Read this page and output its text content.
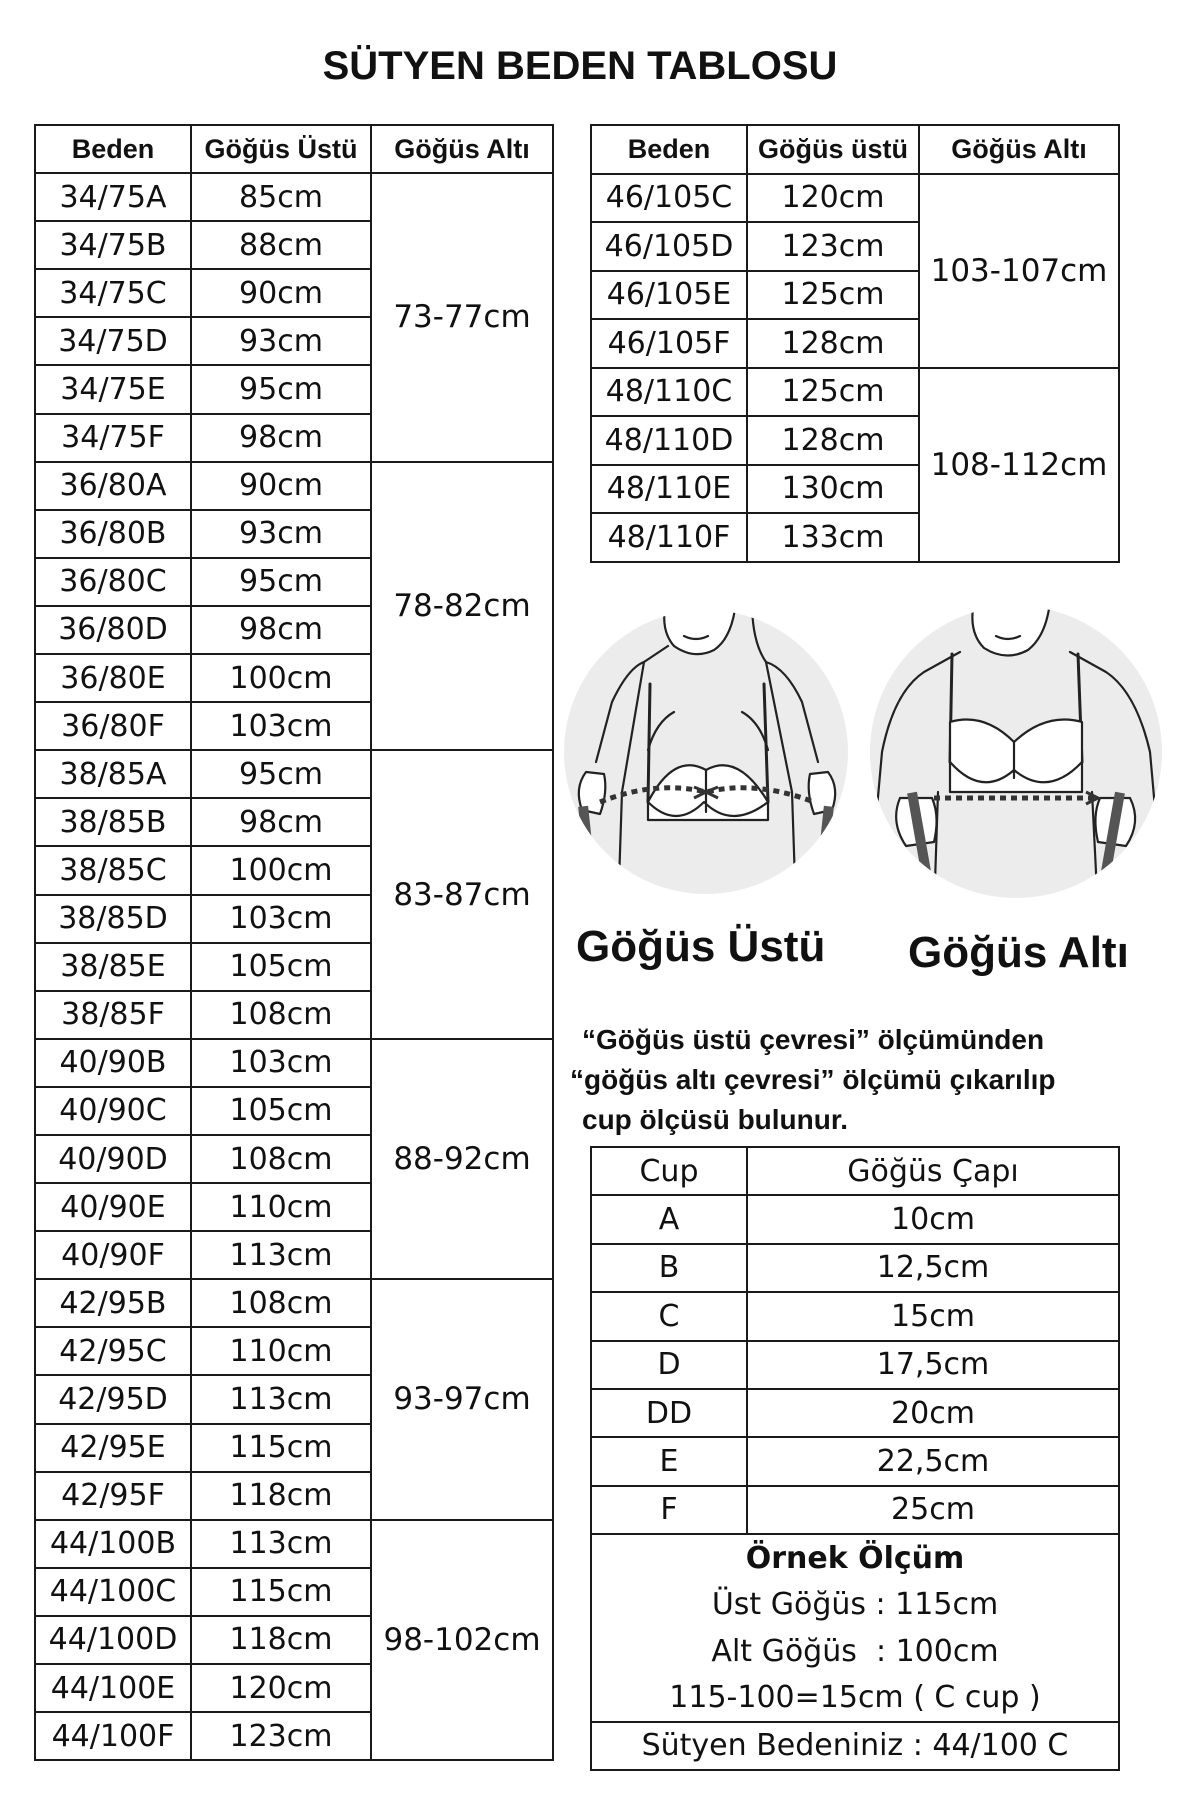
SÜTYEN BEDEN TABLOSU
Beden	Göğüs Üstü	Göğüs Altı
34/75A	85cm	73-77cm
34/75B	88cm	
34/75C	90cm	
34/75D	93cm	
34/75E	95cm	
34/75F	98cm	
36/80A	90cm	78-82cm
36/80B	93cm	
36/80C	95cm	
36/80D	98cm	
36/80E	100cm	
36/80F	103cm	
38/85A	95cm	83-87cm
38/85B	98cm	
38/85C	100cm	
38/85D	103cm	
38/85E	105cm	
38/85F	108cm	
40/90B	103cm	88-92cm
40/90C	105cm	
40/90D	108cm	
40/90E	110cm	
40/90F	113cm	
42/95B	108cm	93-97cm
42/95C	110cm	
42/95D	113cm	
42/95E	115cm	
42/95F	118cm	
44/100B	113cm	98-102cm
44/100C	115cm	
44/100D	118cm	
44/100E	120cm	
44/100F	123cm	
Beden	Göğüs üstü	Göğüs Altı
46/105C	120cm	103-107cm
46/105D	123cm	
46/105E	125cm	
46/105F	128cm	
48/110C	125cm	108-112cm
48/110D	128cm	
48/110E	130cm	
48/110F	133cm	
Göğüs Üstü Göğüs Altı
“Göğüs üstü çevresi” ölçümünden
“göğüs altı çevresi” ölçümü çıkarılıp
cup ölçüsü bulunur.
Cup	Göğüs Çapı
A	10cm
B	12,5cm
C	15cm
D	17,5cm
DD	20cm
E	22,5cm
F	25cm
Örnek Ölçüm	
Üst Göğüs : 115cm	
Alt Göğüs  : 100cm	
115-100=15cm ( C cup )	
Sütyen Bedeniniz : 44/100 C	
